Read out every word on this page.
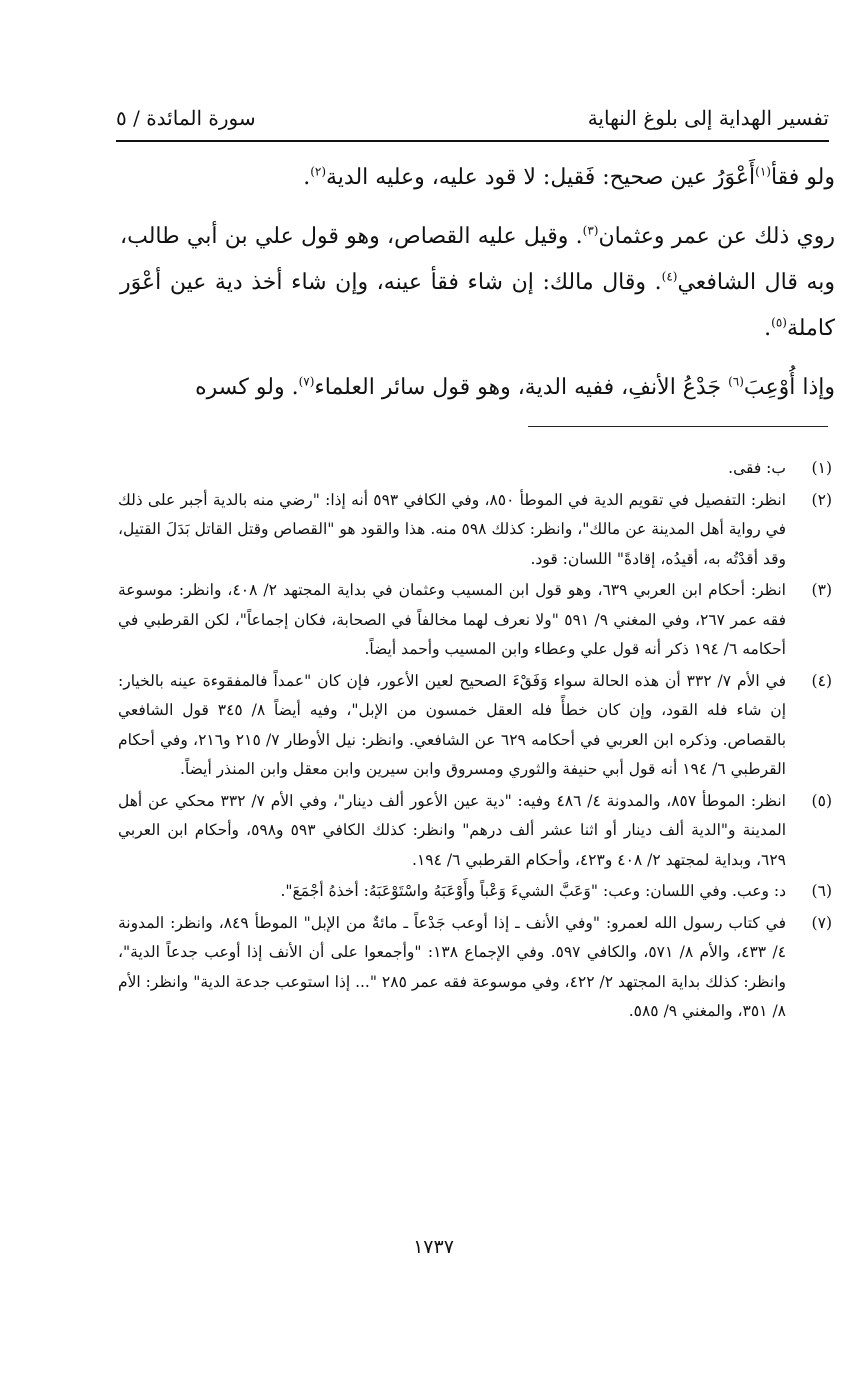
تفسير الهداية إلى بلوغ النهاية
سورة المائدة / ٥

ولو فقأ$^{(١)}$أَعْوَرُ عين صحيح: فَقيل: لا قود عليه، وعليه الدية$^{(٢)}$.

روي ذلك عن عمر وعثمان$^{(٣)}$. وقيل عليه القصاص، وهو قول علي بن أبي طالب، وبه قال الشافعي$^{(٤)}$. وقال مالك: إن شاء فقأ عينه، وإن شاء أخذ دية عين أعْوَر كاملة$^{(٥)}$.

وإذا أُوْعِبَ$^{(٦)}$ جَدْعُ الأنفِ، ففيه الدية، وهو قول سائر العلماء$^{(٧)}$. ولو كسره

(١)
ب: فقى.
(٢)
انظر: التفصيل في تقويم الدية في الموطأ ٨٥٠، وفي الكافي ٥٩٣ أنه إذا: "رضي منه بالدية أجبر على ذلك في رواية أهل المدينة عن مالك"، وانظر: كذلك ٥٩٨ منه. هذا والقود هو "القصاص وقتل القاتل بَدَلَ القتيل، وقد أقدْتُه به، أقيدُه، إقادةً" اللسان: قود.
(٣)
انظر: أحكام ابن العربي ٦٣٩، وهو قول ابن المسيب وعثمان في بداية المجتهد ٢/ ٤٠٨، وانظر: موسوعة فقه عمر ٢٦٧، وفي المغني ٩/ ٥٩١ "ولا نعرف لهما مخالفاً في الصحابة، فكان إجماعاً"، لكن القرطبي في أحكامه ٦/ ١٩٤ ذكر أنه قول علي وعطاء وابن المسيب وأحمد أيضاً.
(٤)
في الأم ٧/ ٣٣٢ أن هذه الحالة سواء وَفَقْءَ الصحيح لعين الأعور، فإن كان "عمداً فالمفقوءة عينه بالخيار: إن شاء فله القود، وإن كان خطأً فله العقل خمسون من الإبل"، وفيه أيضاً ٨/ ٣٤٥ قول الشافعي بالقصاص. وذكره ابن العربي في أحكامه ٦٢٩ عن الشافعي. وانظر: نيل الأوطار ٧/ ٢١٥ و٢١٦، وفي أحكام القرطبي ٦/ ١٩٤ أنه قول أبي حنيفة والثوري ومسروق وابن سيرين وابن معقل وابن المنذر أيضاً.
(٥)
انظر: الموطأ ٨٥٧، والمدونة ٤/ ٤٨٦ وفيه: "دية عين الأعور ألف دينار"، وفي الأم ٧/ ٣٣٢ محكي عن أهل المدينة و"الدية ألف دينار أو اثنا عشر ألف درهم" وانظر: كذلك الكافي ٥٩٣ و٥٩٨، وأحكام ابن العربي ٦٢٩، وبداية لمجتهد ٢/ ٤٠٨ و٤٢٣، وأحكام القرطبي ٦/ ١٩٤.
(٦)
د: وعب. وفي اللسان: وعب: "وَعَبَّ الشيءَ وَعْباً وأَوْعَبَهُ واسْتَوْعَبَهُ: أخذهُ أجْمَعَ".
(٧)
في كتاب رسول الله لعمرو: "وفي الأنف ـ إذا أوعب جَدْعاً ـ مائةٌ من الإبل" الموطأ ٨٤٩، وانظر: المدونة ٤/ ٤٣٣، والأم ٨/ ٥٧١، والكافي ٥٩٧. وفي الإجماع ١٣٨: "وأجمعوا على أن الأنف إذا أوعب جدعاً الدية"، وانظر: كذلك بداية المجتهد ٢/ ٤٢٢، وفي موسوعة فقه عمر ٢٨٥ "... إذا استوعب جدعة الدية" وانظر: الأم ٨/ ٣٥١، والمغني ٩/ ٥٨٥.
١٧٣٧
